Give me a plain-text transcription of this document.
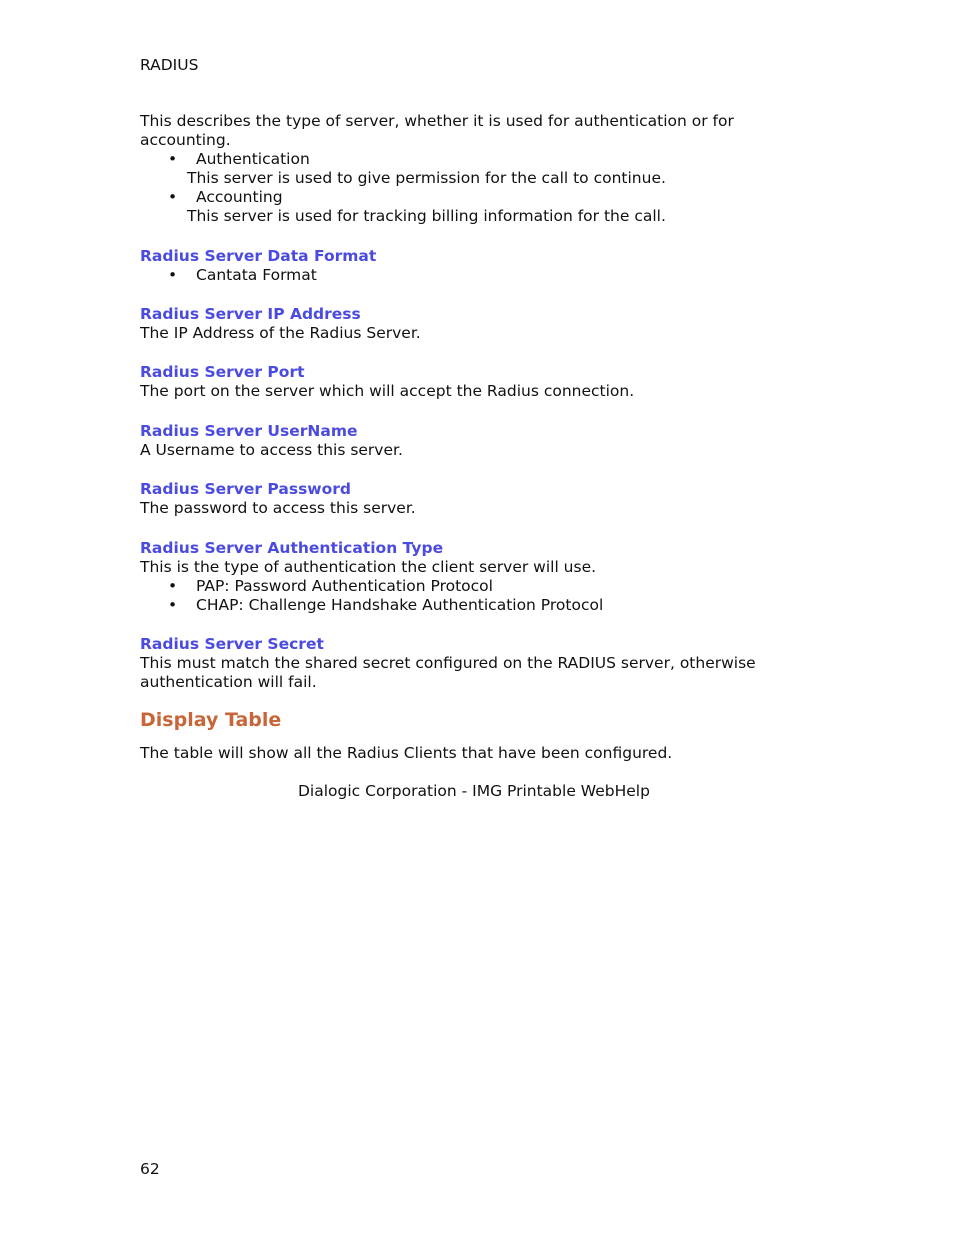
RADIUS
This describes the type of server, whether it is used for authentication or for accounting.
•	Authentication
This server is used to give permission for the call to continue.
•	Accounting
This server is used for tracking billing information for the call.
Radius Server Data Format
•	Cantata Format
Radius Server IP Address
The IP Address of the Radius Server.
Radius Server Port
The port on the server which will accept the Radius connection.
Radius Server UserName
A Username to access this server.
Radius Server Password
The password to access this server.
Radius Server Authentication Type
This is the type of authentication the client server will use.
•	PAP: Password Authentication Protocol
•	CHAP: Challenge Handshake Authentication Protocol
Radius Server Secret
This must match the shared secret configured on the RADIUS server, otherwise authentication will fail.
Display Table
The table will show all the Radius Clients that have been configured.
Dialogic Corporation - IMG Printable WebHelp
62
